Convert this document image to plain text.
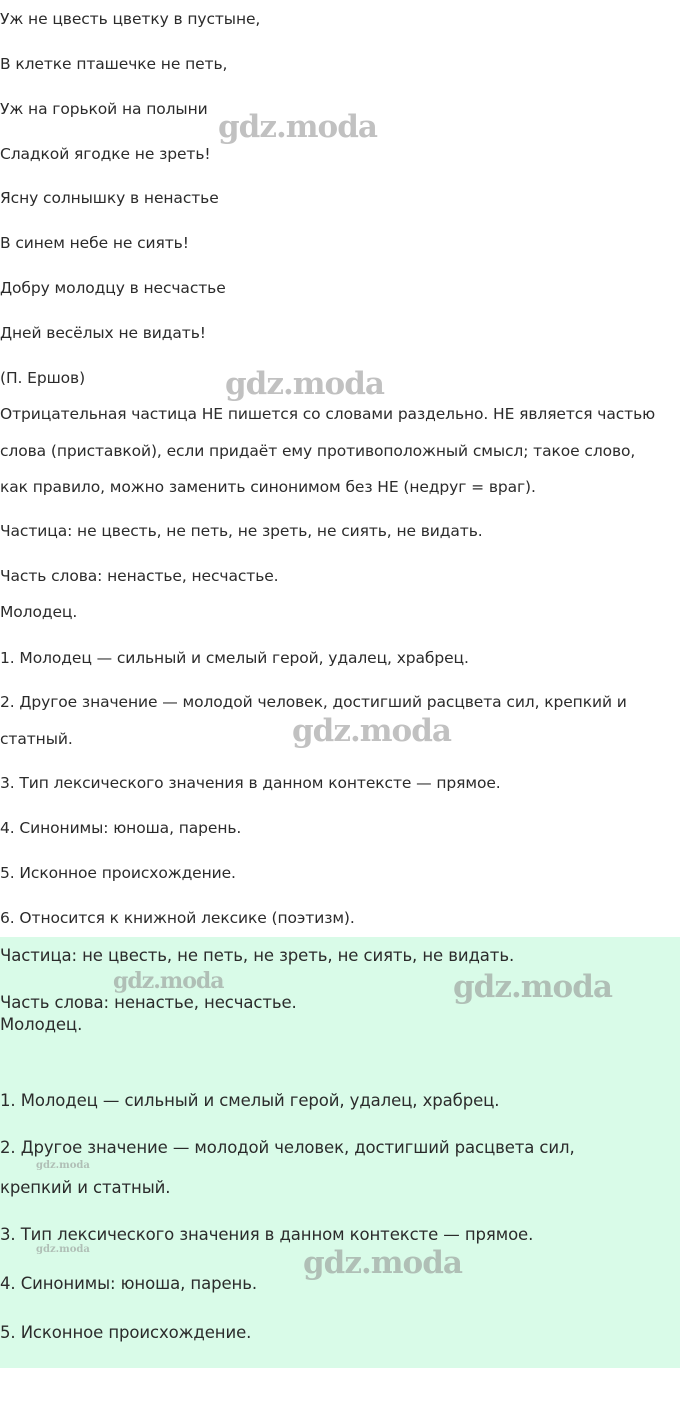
Уж не цвесть цветку в пустыне,
В клетке пташечке не петь,
Уж на горькой на полыни
Сладкой ягодке не зреть!
Ясну солнышку в ненастье
В синем небе не сиять!
Добру молодцу в несчастье
Дней весёлых не видать!
(П. Ершов)
Отрицательная частица НЕ пишется со словами раздельно. НЕ является частью
слова (приставкой), если придаёт ему противоположный смысл; такое слово,
как правило, можно заменить синонимом без НЕ (недруг = враг).
Частица: не цвесть, не петь, не зреть, не сиять, не видать.
Часть слова: ненастье, несчастье.
Молодец.
1. Молодец — сильный и смелый герой, удалец, храбрец.
2. Другое значение — молодой человек, достигший расцвета сил, крепкий и
статный.
3. Тип лексического значения в данном контексте — прямое.
4. Синонимы: юноша, парень.
5. Исконное происхождение.
6. Относится к книжной лексике (поэтизм).
Частица: не цвесть, не петь, не зреть, не сиять, не видать.
Часть слова: ненастье, несчастье.
Молодец.
1. Молодец — сильный и смелый герой, удалец, храбрец.
2. Другое значение — молодой человек, достигший расцвета сил,
крепкий и статный.
3. Тип лексического значения в данном контексте — прямое.
4. Синонимы: юноша, парень.
5. Исконное происхождение.
gdz.moda
gdz.moda
gdz.moda
gdz.moda	gdz.moda
gdz.moda
gdz.moda	gdz.moda
